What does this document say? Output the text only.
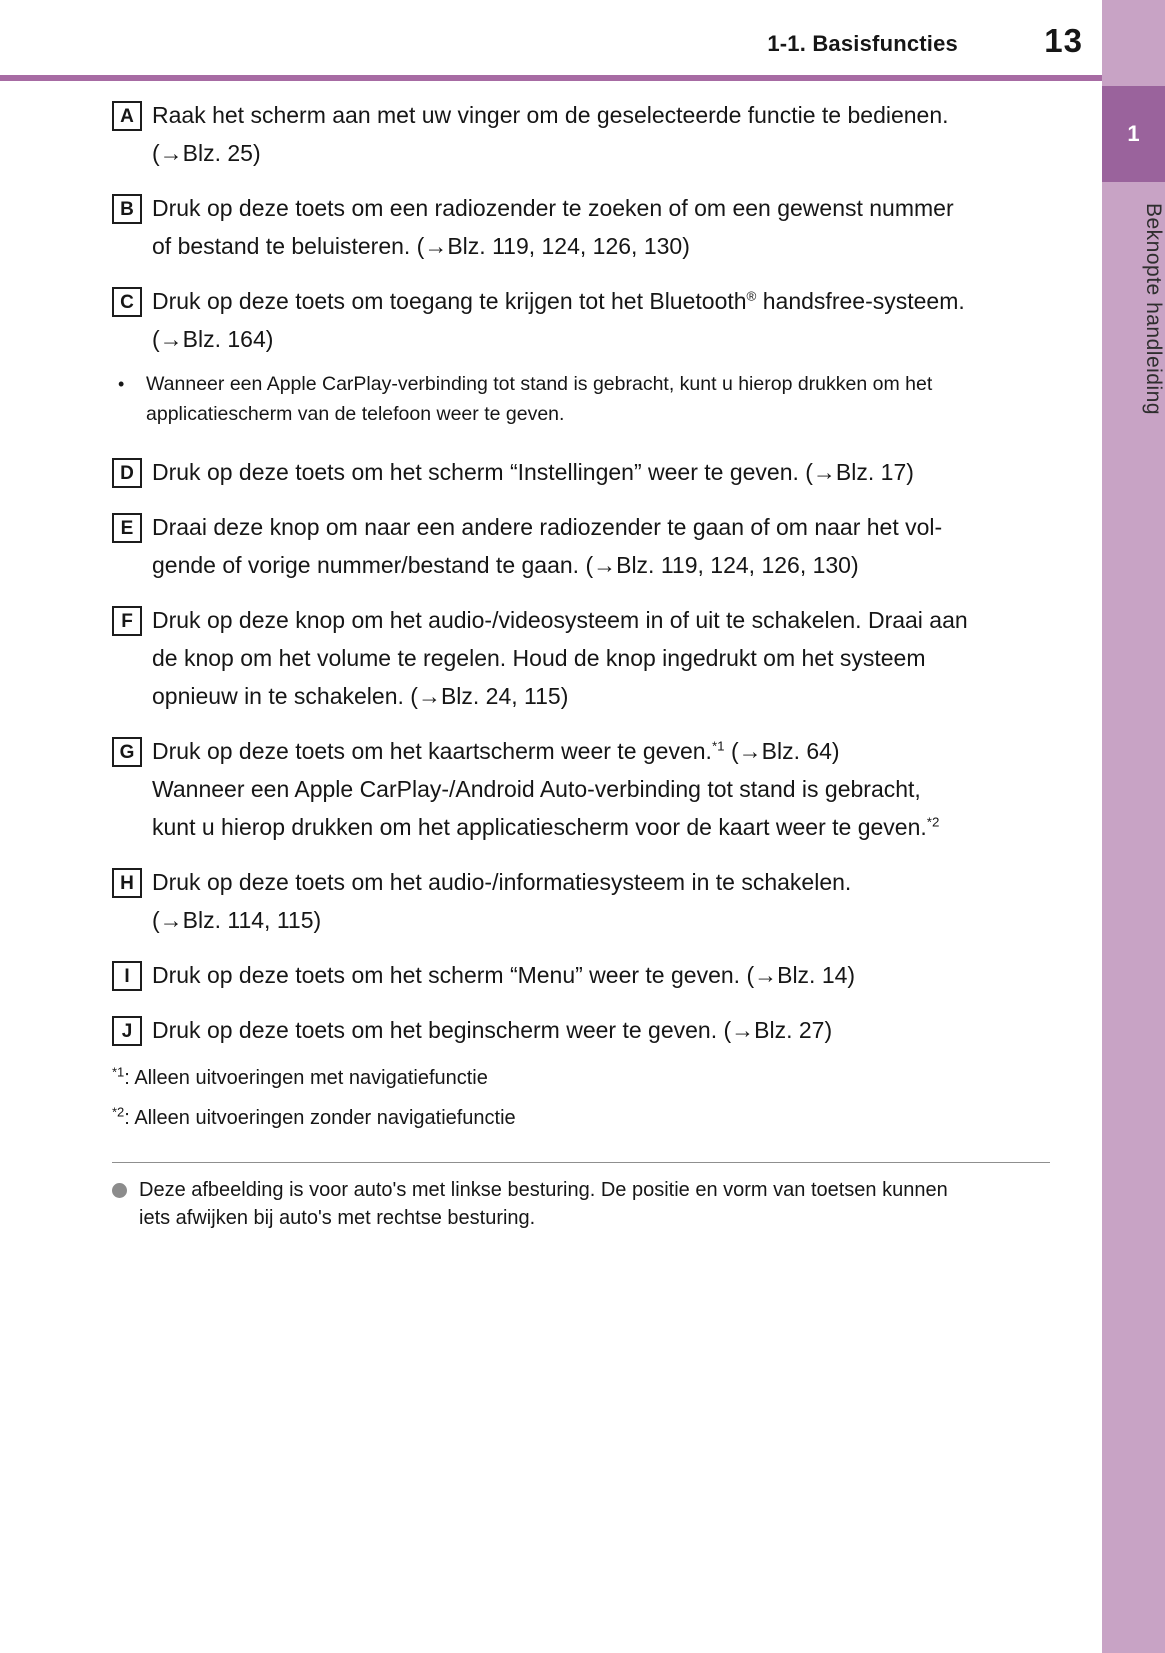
1-1. Basisfuncties	13
1
Beknopte handleiding
A Raak het scherm aan met uw vinger om de geselecteerde functie te bedienen.
(→Blz. 25)
B Druk op deze toets om een radiozender te zoeken of om een gewenst nummer
of bestand te beluisteren. (→Blz. 119, 124, 126, 130)
C Druk op deze toets om toegang te krijgen tot het Bluetooth® handsfree-systeem.
(→Blz. 164)
• Wanneer een Apple CarPlay-verbinding tot stand is gebracht, kunt u hierop drukken om het
applicatiescherm van de telefoon weer te geven.
D Druk op deze toets om het scherm “Instellingen” weer te geven. (→Blz. 17)
E Draai deze knop om naar een andere radiozender te gaan of om naar het vol-
gende of vorige nummer/bestand te gaan. (→Blz. 119, 124, 126, 130)
F Druk op deze knop om het audio-/videosysteem in of uit te schakelen. Draai aan
de knop om het volume te regelen. Houd de knop ingedrukt om het systeem
opnieuw in te schakelen. (→Blz. 24, 115)
G Druk op deze toets om het kaartscherm weer te geven.$^{*1}$ (→Blz. 64)
Wanneer een Apple CarPlay-/Android Auto-verbinding tot stand is gebracht,
kunt u hierop drukken om het applicatiescherm voor de kaart weer te geven.$^{*2}$
H Druk op deze toets om het audio-/informatiesysteem in te schakelen.
(→Blz. 114, 115)
I Druk op deze toets om het scherm “Menu” weer te geven. (→Blz. 14)
J Druk op deze toets om het beginscherm weer te geven. (→Blz. 27)
$^{*1}$: Alleen uitvoeringen met navigatiefunctie
$^{*2}$: Alleen uitvoeringen zonder navigatiefunctie
Deze afbeelding is voor auto's met linkse besturing. De positie en vorm van toetsen kunnen
iets afwijken bij auto's met rechtse besturing.
